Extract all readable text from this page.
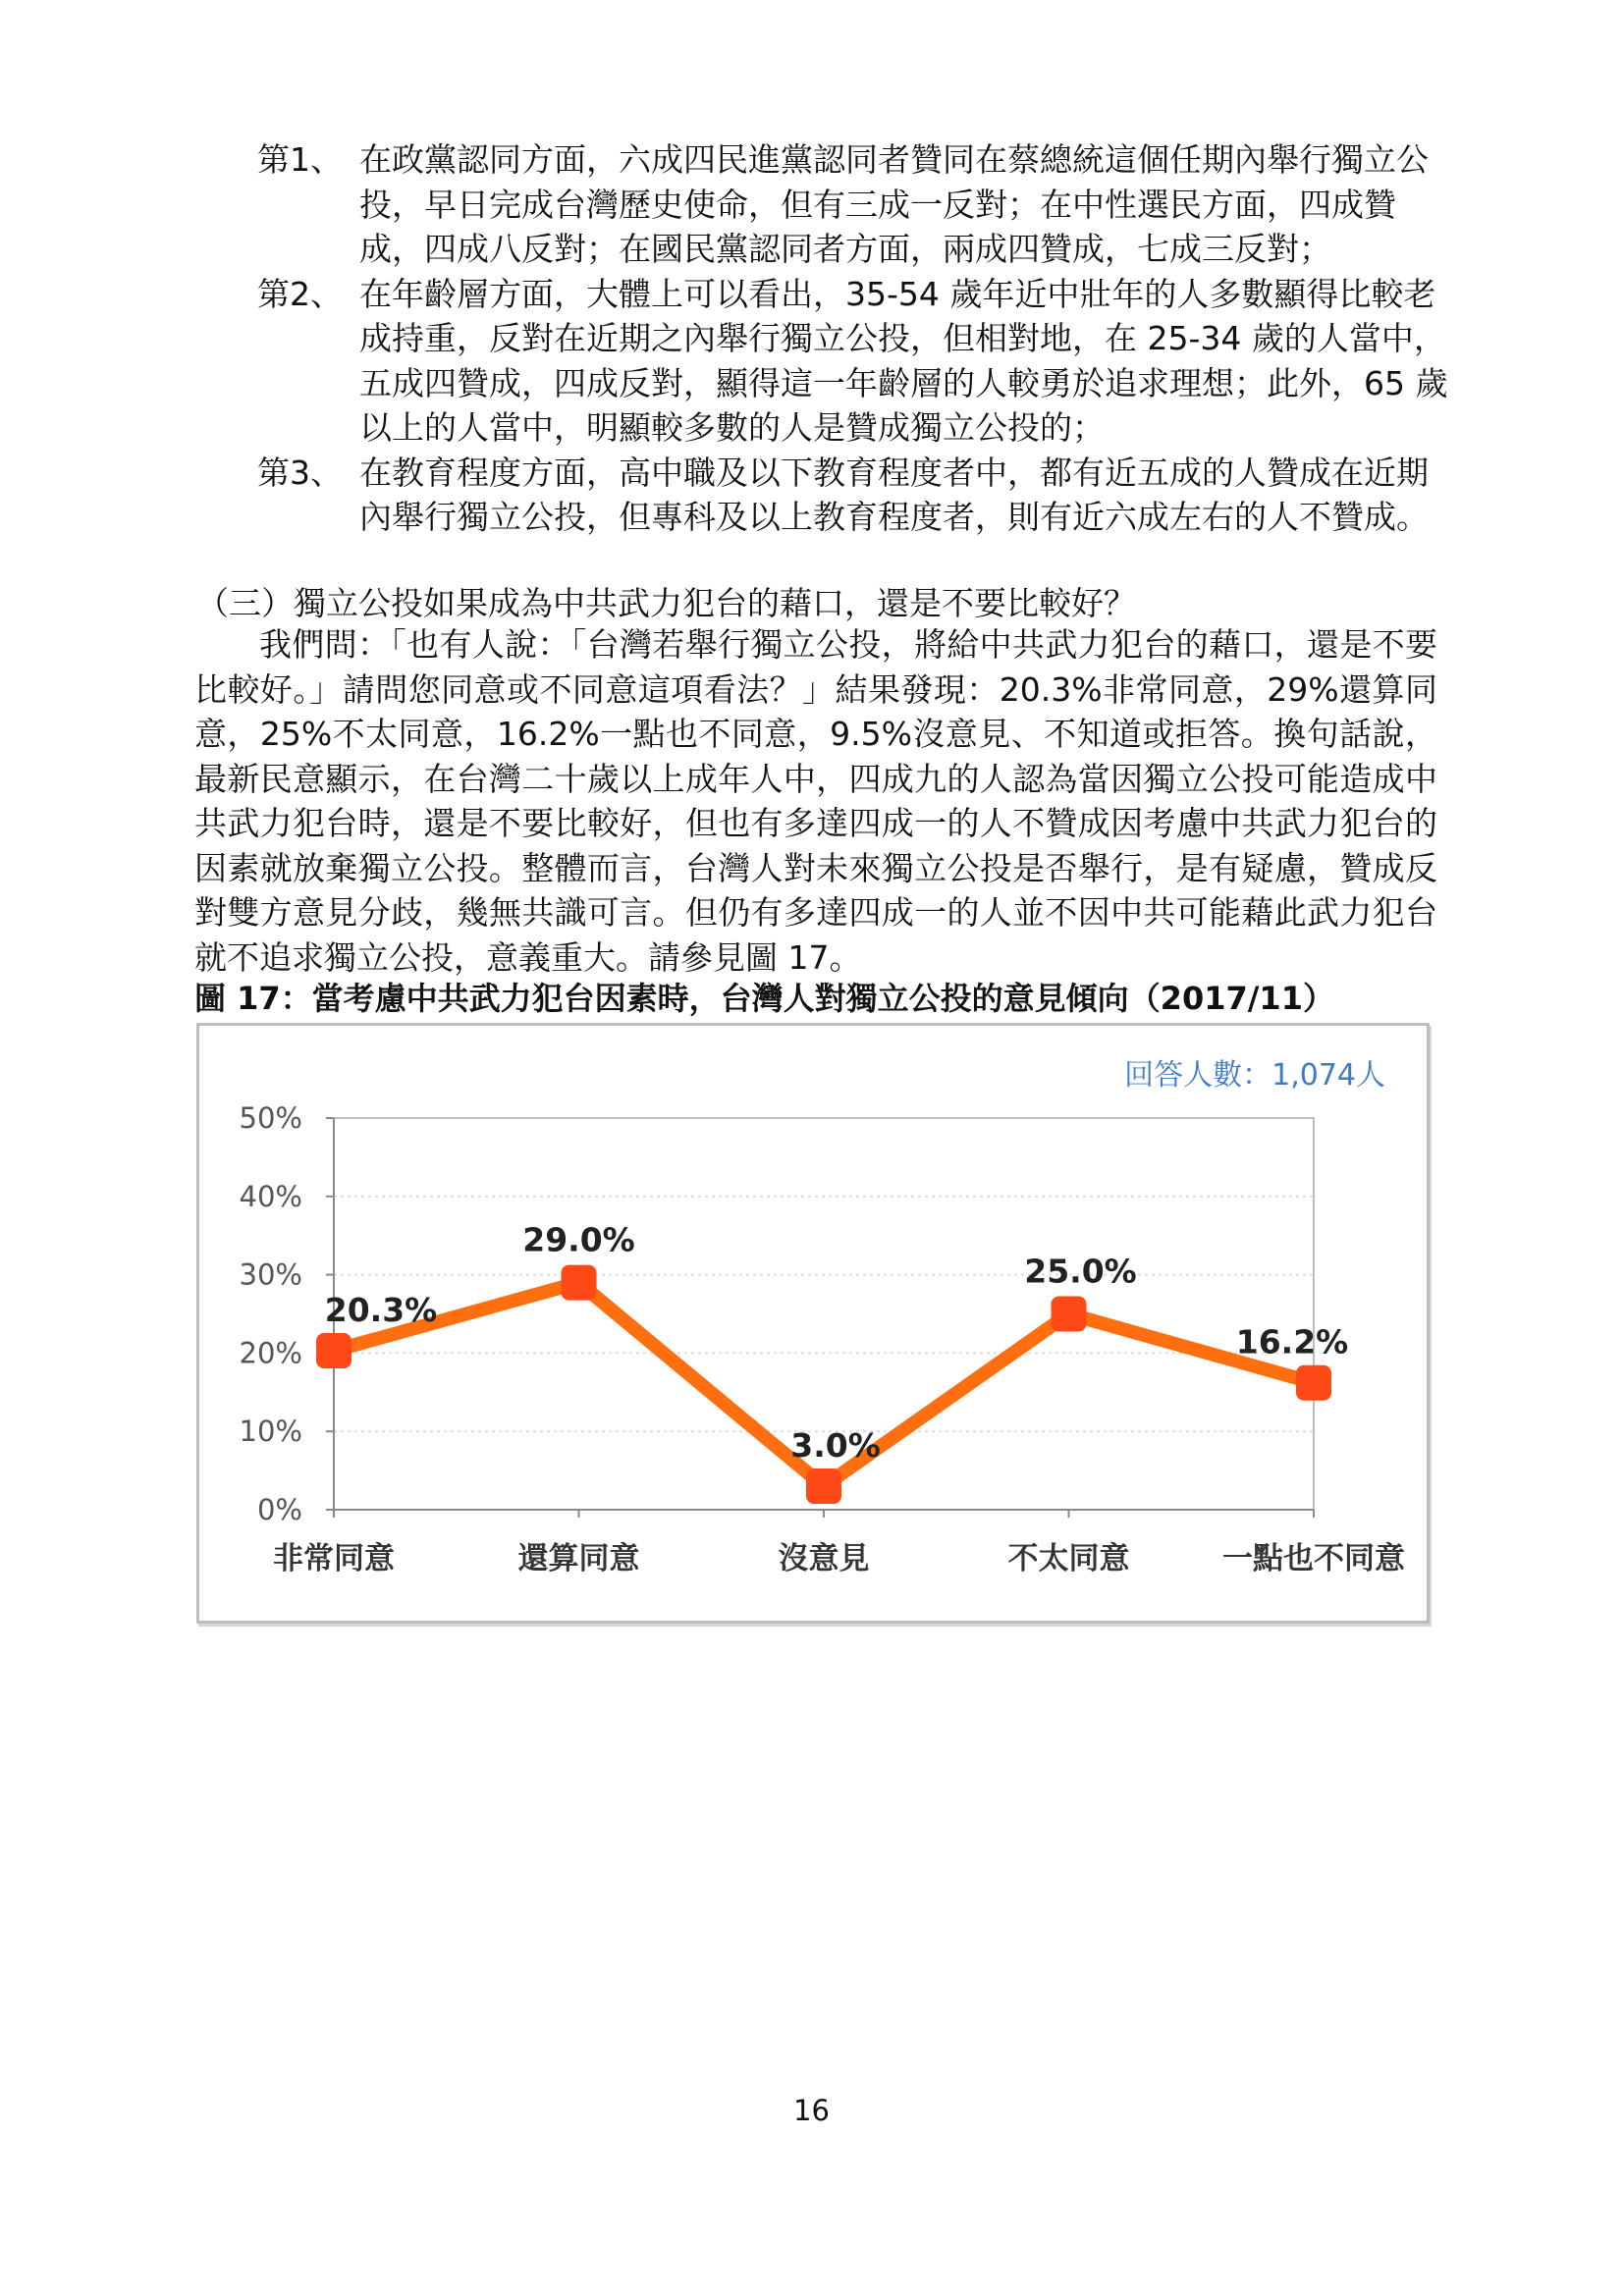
第1、 在政黨認同方面，六成四民進黨認同者贊同在蔡總統這個任期內舉行獨立公投，早日完成台灣歷史使命，但有三成一反對；在中性選民方面，四成贊成，四成八反對；在國民黨認同者方面，兩成四贊成，七成三反對；
第2、 在年齡層方面，大體上可以看出，35-54 歲年近中壯年的人多數顯得比較老成持重，反對在近期之內舉行獨立公投，但相對地，在 25-34 歲的人當中，五成四贊成，四成反對，顯得這一年齡層的人較勇於追求理想；此外，65 歲以上的人當中，明顯較多數的人是贊成獨立公投的；
第3、 在教育程度方面，高中職及以下教育程度者中，都有近五成的人贊成在近期內舉行獨立公投，但專科及以上教育程度者，則有近六成左右的人不贊成。
（三）獨立公投如果成為中共武力犯台的藉口，還是不要比較好？
我們問：「也有人說：「台灣若舉行獨立公投，將給中共武力犯台的藉口，還是不要比較好。」請問您同意或不同意這項看法？」結果發現：20.3%非常同意，29%還算同意，25%不太同意，16.2%一點也不同意，9.5%沒意見、不知道或拒答。換句話說，最新民意顯示，在台灣二十歲以上成年人中，四成九的人認為當因獨立公投可能造成中共武力犯台時，還是不要比較好，但也有多達四成一的人不贊成因考慮中共武力犯台的因素就放棄獨立公投。整體而言，台灣人對未來獨立公投是否舉行，是有疑慮，贊成反對雙方意見分歧，幾無共識可言。但仍有多達四成一的人並不因中共可能藉此武力犯台就不追求獨立公投，意義重大。請參見圖 17。
圖 17：當考慮中共武力犯台因素時，台灣人對獨立公投的意見傾向（2017/11）
0%
10%
20%
30%
40%
50%
非常同意	還算同意	沒意見	不太同意	一點也不同意
20.3%
29.0%
3.0%
25.0%
16.2%
回答人數：1,074人
16
